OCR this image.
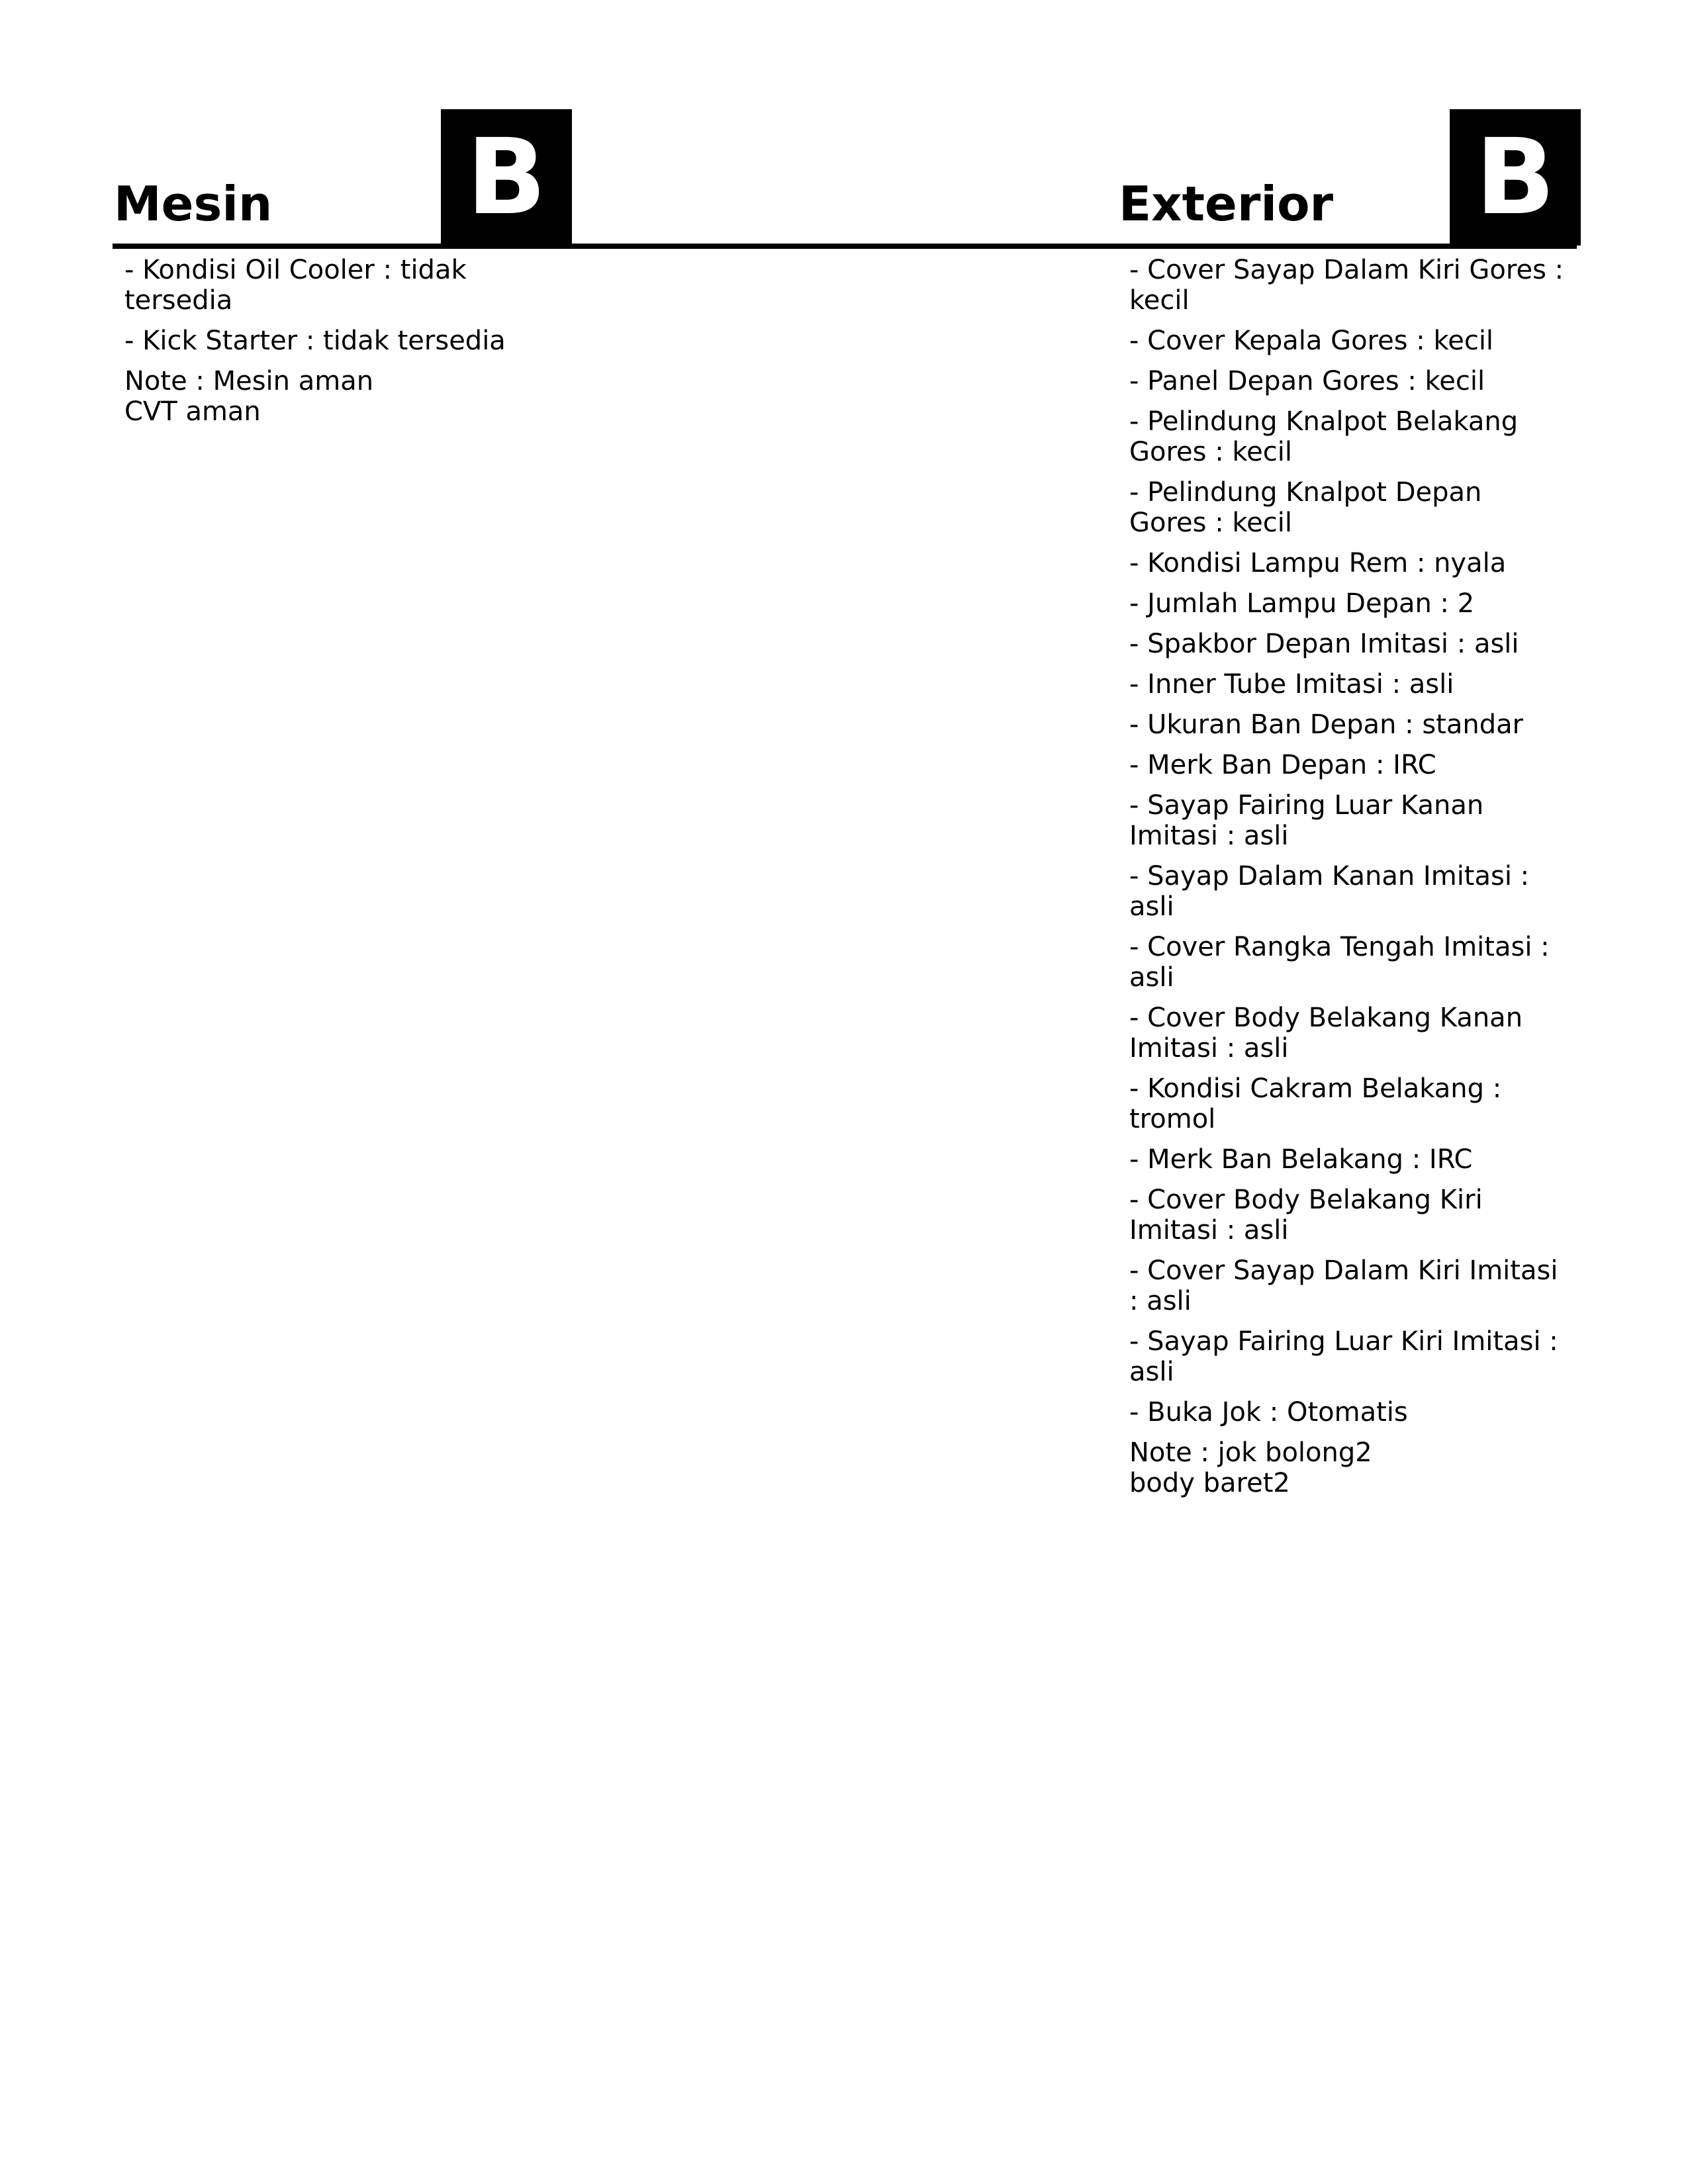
Mesin B	Exterior B
- Kondisi Oil Cooler : tidak tersedia
- Kick Starter : tidak tersedia
Note : Mesin aman
CVT aman
- Cover Sayap Dalam Kiri Gores : kecil
- Cover Kepala Gores : kecil
- Panel Depan Gores : kecil
- Pelindung Knalpot Belakang Gores : kecil
- Pelindung Knalpot Depan Gores : kecil
- Kondisi Lampu Rem : nyala
- Jumlah Lampu Depan : 2
- Spakbor Depan Imitasi : asli
- Inner Tube Imitasi : asli
- Ukuran Ban Depan : standar
- Merk Ban Depan : IRC
- Sayap Fairing Luar Kanan Imitasi : asli
- Sayap Dalam Kanan Imitasi : asli
- Cover Rangka Tengah Imitasi : asli
- Cover Body Belakang Kanan Imitasi : asli
- Kondisi Cakram Belakang : tromol
- Merk Ban Belakang : IRC
- Cover Body Belakang Kiri Imitasi : asli
- Cover Sayap Dalam Kiri Imitasi : asli
- Sayap Fairing Luar Kiri Imitasi : asli
- Buka Jok : Otomatis
Note : jok bolong2
body baret2
